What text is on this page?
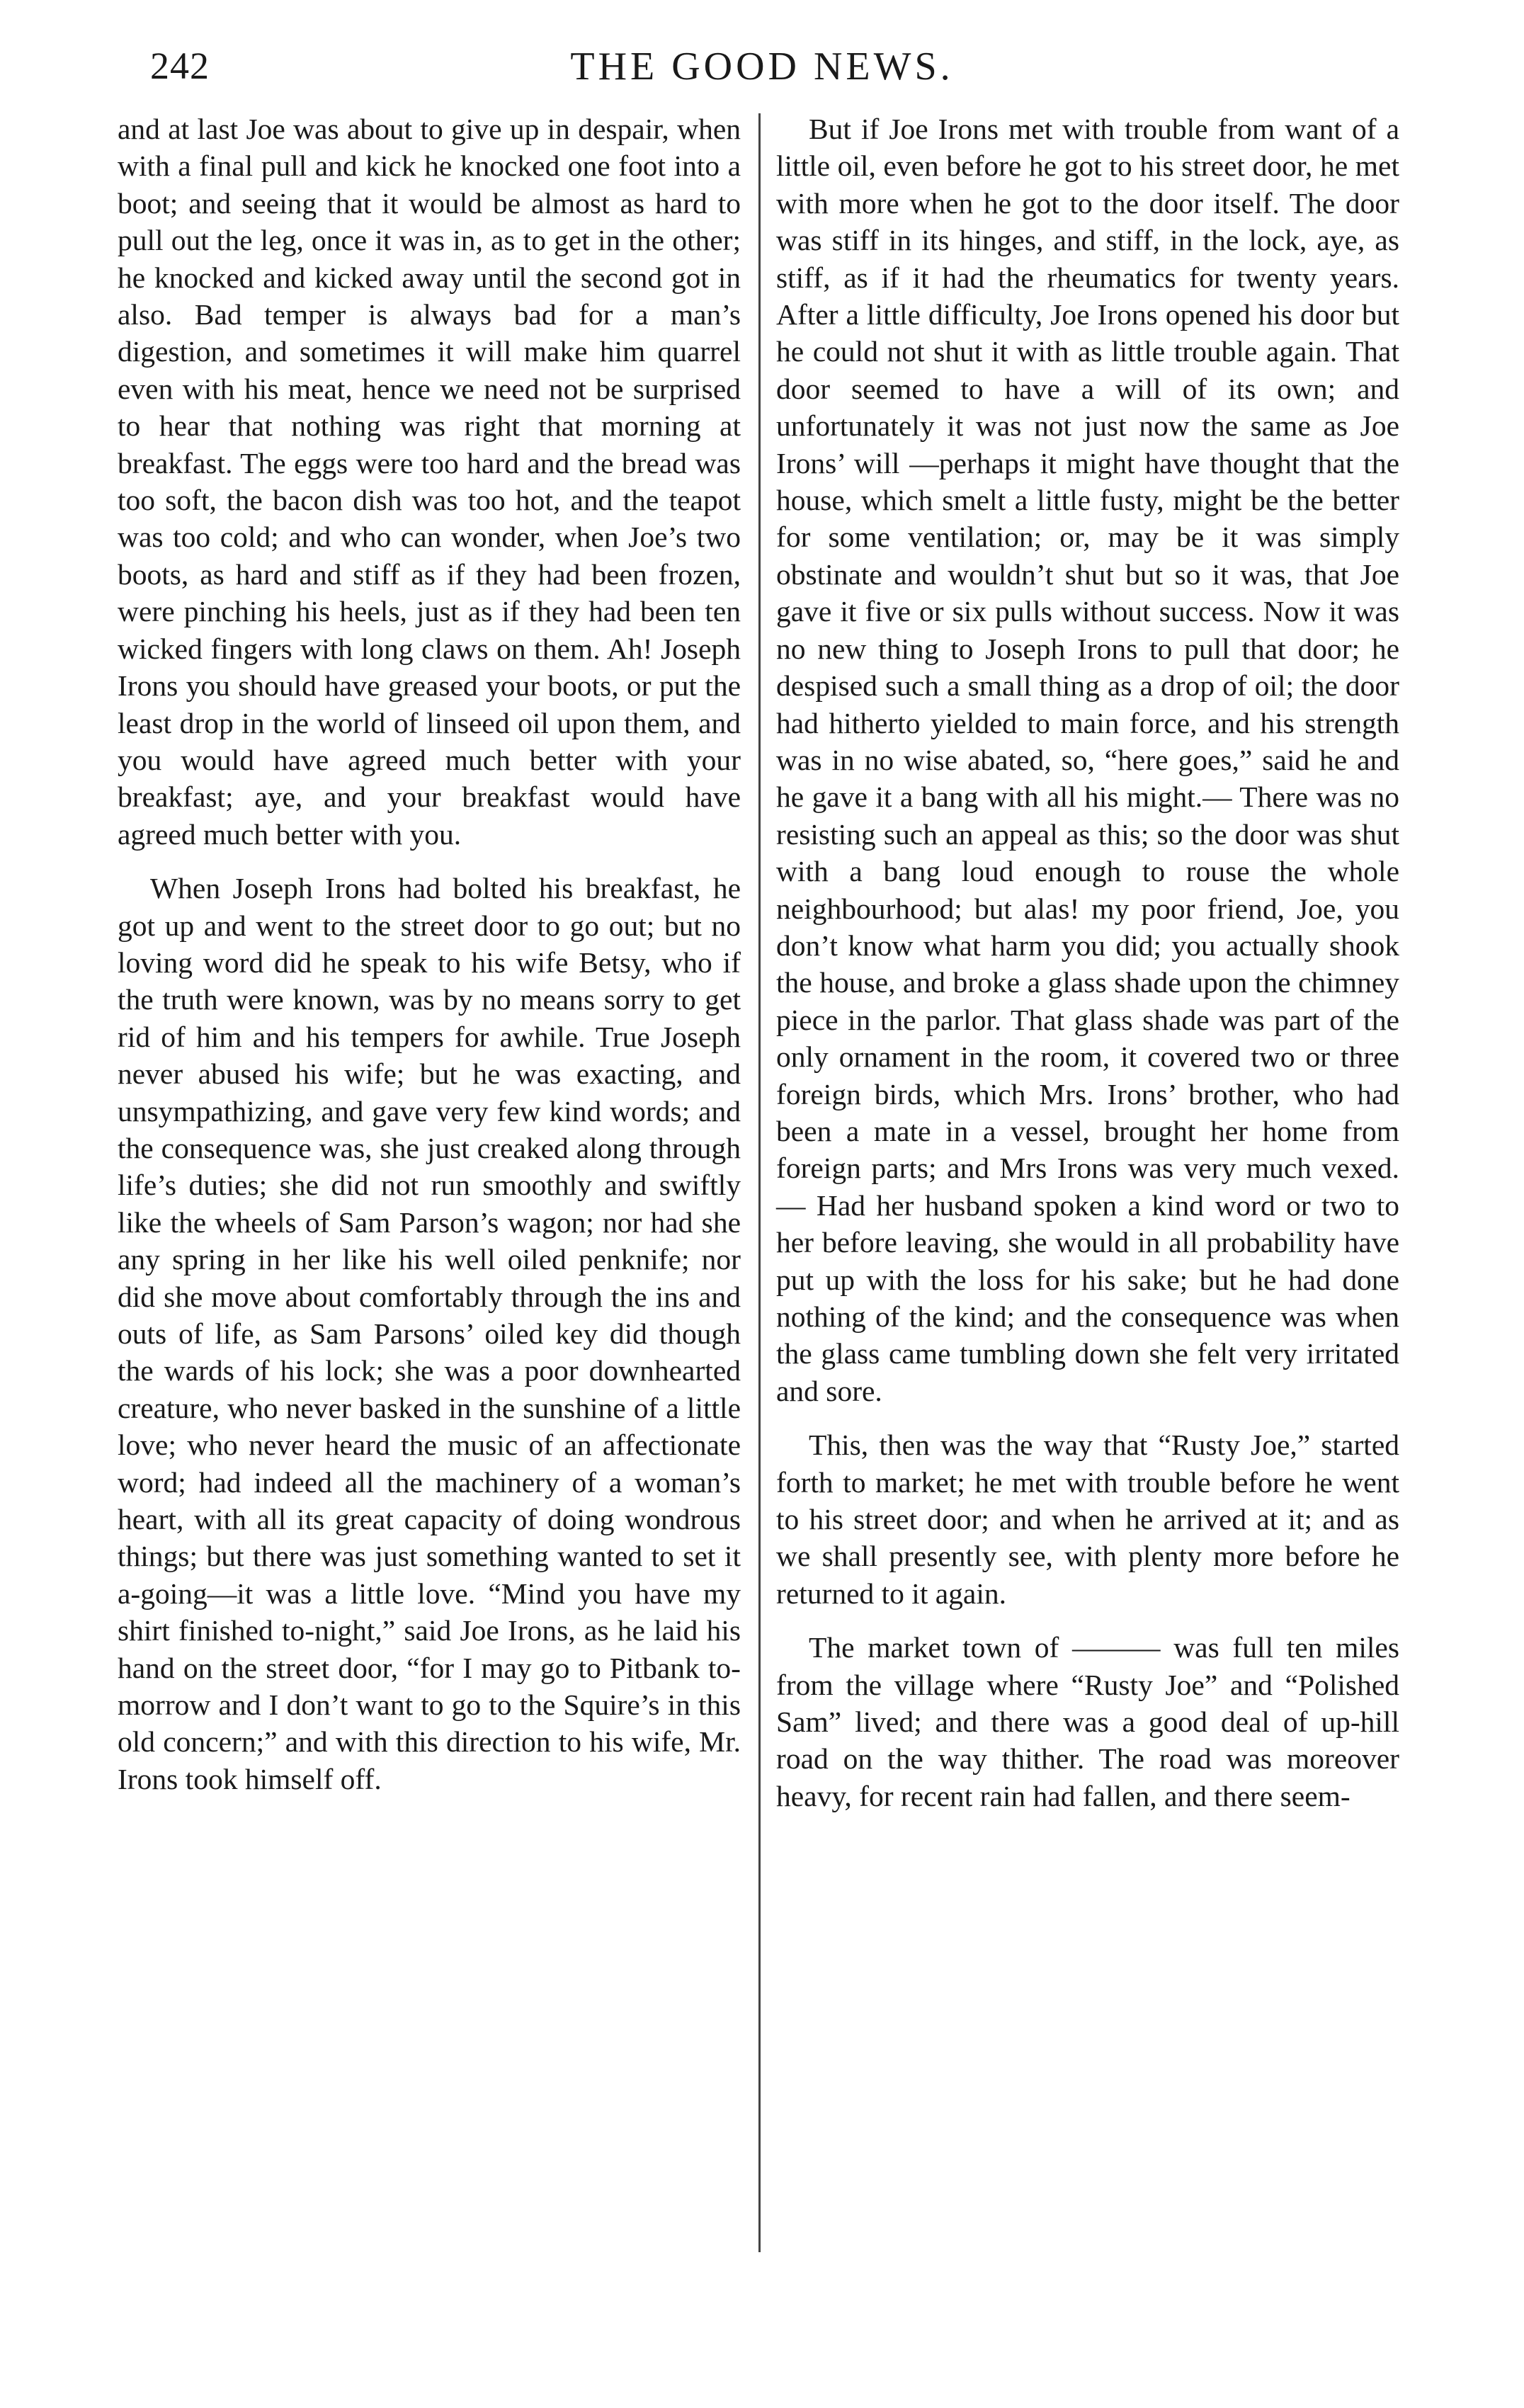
242	THE GOOD NEWS.

and at last Joe was about to give up in despair, when with a final pull and kick he knocked one foot into a boot; and seeing that it would be almost as hard to pull out the leg, once it was in, as to get in the other; he knocked and kicked away until the second got in also. Bad temper is always bad for a man’s digestion, and sometimes it will make him quarrel even with his meat, hence we need not be surprised to hear that nothing was right that morning at breakfast. The eggs were too hard and the bread was too soft, the bacon dish was too hot, and the teapot was too cold; and who can wonder, when Joe’s two boots, as hard and stiff as if they had been frozen, were pinching his heels, just as if they had been ten wicked fingers with long claws on them. Ah! Joseph Irons you should have greased your boots, or put the least drop in the world of linseed oil upon them, and you would have agreed much better with your breakfast; aye, and your breakfast would have agreed much better with you.

When Joseph Irons had bolted his breakfast, he got up and went to the street door to go out; but no loving word did he speak to his wife Betsy, who if the truth were known, was by no means sorry to get rid of him and his tempers for awhile. True Joseph never abused his wife; but he was exacting, and unsympathizing, and gave very few kind words; and the consequence was, she just creaked along through life’s duties; she did not run smoothly and swiftly like the wheels of Sam Parson’s wagon; nor had she any spring in her like his well oiled penknife; nor did she move about comfortably through the ins and outs of life, as Sam Parsons’ oiled key did though the wards of his lock; she was a poor downhearted creature, who never basked in the sunshine of a little love; who never heard the music of an affectionate word; had indeed all the machinery of a woman’s heart, with all its great capacity of doing wondrous things; but there was just something wanted to set it a-going—it was a little love. “Mind you have my shirt finished to-night,” said Joe Irons, as he laid his hand on the street door, “for I may go to Pitbank to-morrow and I don’t want to go to the Squire’s in this old concern;” and with this direction to his wife, Mr. Irons took himself off.

But if Joe Irons met with trouble from want of a little oil, even before he got to his street door, he met with more when he got to the door itself. The door was stiff in its hinges, and stiff, in the lock, aye, as stiff, as if it had the rheumatics for twenty years. After a little difficulty, Joe Irons opened his door but he could not shut it with as little trouble again. That door seemed to have a will of its own; and unfortunately it was not just now the same as Joe Irons’ will —perhaps it might have thought that the house, which smelt a little fusty, might be the better for some ventilation; or, may be it was simply obstinate and wouldn’t shut but so it was, that Joe gave it five or six pulls without success. Now it was no new thing to Joseph Irons to pull that door; he despised such a small thing as a drop of oil; the door had hitherto yielded to main force, and his strength was in no wise abated, so, “here goes,” said he and he gave it a bang with all his might.— There was no resisting such an appeal as this; so the door was shut with a bang loud enough to rouse the whole neighbourhood; but alas! my poor friend, Joe, you don’t know what harm you did; you actually shook the house, and broke a glass shade upon the chimney piece in the parlor. That glass shade was part of the only ornament in the room, it covered two or three foreign birds, which Mrs. Irons’ brother, who had been a mate in a vessel, brought her home from foreign parts; and Mrs Irons was very much vexed.— Had her husband spoken a kind word or two to her before leaving, she would in all probability have put up with the loss for his sake; but he had done nothing of the kind; and the consequence was when the glass came tumbling down she felt very irritated and sore.

This, then was the way that “Rusty Joe,” started forth to market; he met with trouble before he went to his street door; and when he arrived at it; and as we shall presently see, with plenty more before he returned to it again.

The market town of ——— was full ten miles from the village where “Rusty Joe” and “Polished Sam” lived; and there was a good deal of up-hill road on the way thither. The road was moreover heavy, for recent rain had fallen, and there seem-
